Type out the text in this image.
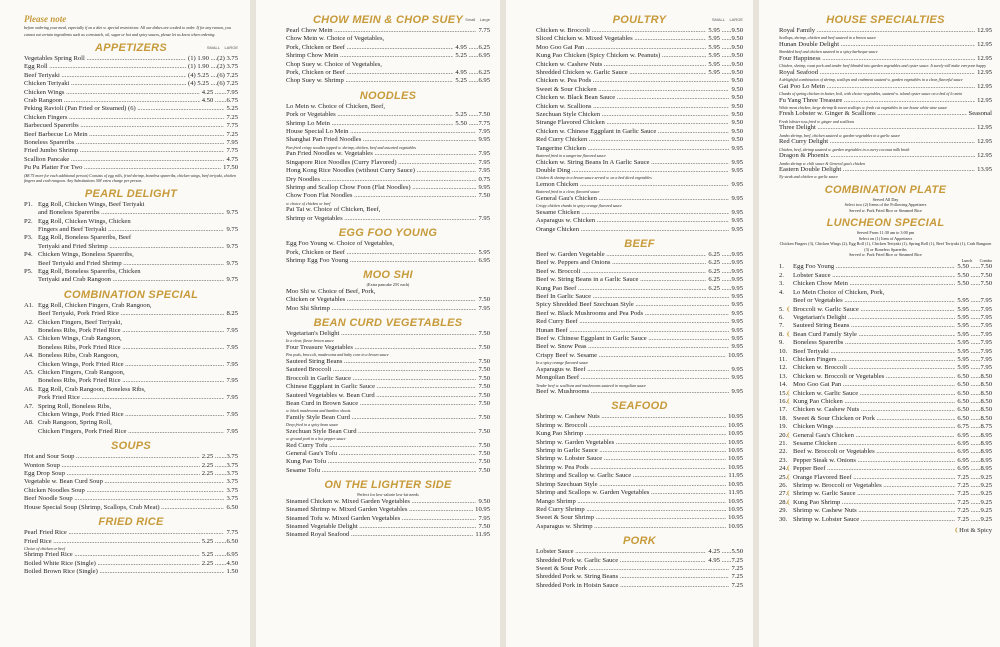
Please note
before ordering your meal, especially if on a diet w. special restrictions: All our dishes are cooked to order. If for any reason, you cannot eat certain ingredients such as cornstarch, oil, sugar or hot and spicy sauces, please let us know when ordering.
APPETIZERS	SMALL LARGE
Vegetables Spring Roll .....	(1) 1.90 ....(2) 3.75
Egg Roll .....	(1) 1.90 ....(2) 3.75
Beef Teriyaki .....	(4) 5.25 ....(6) 7.25
Chicken Teriyaki .....	(4) 5.25 ....(6) 7.25
Chicken Wings .....	4.25 .......7.95
Crab Rangoon .....	4.50 .......6.75
Peking Ravioli (Pan Fried or Steamed) (6) .....	5.25
Chicken Fingers .....	7.25
Barbecued Spareribs .....	7.75
Beef Barbecue Lo Mein .....	7.25
Boneless Spareribs .....	7.95
Fried Jumbo Shrimp .....	7.75
Scallion Pancake .....	4.75
Pu Pu Platter For Two .....	17.50
($8.75 more for each additional person) Consists of egg rolls, fried shrimp, boneless spareribs, chicken wings, beef teriyaki, chicken fingers and crab rangoon. Any Substitutions 50¢ extra charge per person.
PEARL DELIGHT
P1. Egg Roll, Chicken Wings, Beef Teriyaki
and Boneless Spareribs .....	9.75
P2. Egg Roll, Chicken Wings, Chicken
Fingers and Beef Teriyaki .....	9.75
P3. Egg Roll, Boneless Spareribs, Beef
Teriyaki and Fried Shrimp .....	9.75
P4. Chicken Wings, Boneless Spareribs,
Beef Teriyaki and Fried Shrimp .....	9.75
P5. Egg Roll, Boneless Spareribs, Chicken
Teriyaki and Crab Rangoon .....	9.75
COMBINATION SPECIAL
A1. Egg Roll, Chicken Fingers, Crab Rangoon,
Beef Teriyaki, Pork Fried Rice .....	8.25
A2. Chicken Fingers, Beef Teriyaki,
Boneless Ribs, Pork Fried Rice .....	7.95
A3. Chicken Wings, Crab Rangoon,
Boneless Ribs, Pork Fried Rice .....	7.95
A4. Boneless Ribs, Crab Rangoon,
Chicken Wings, Pork Fried Rice .....	7.95
A5. Chicken Fingers, Crab Rangoon,
Boneless Ribs, Pork Fried Rice .....	7.95
A6. Egg Roll, Crab Rangoon, Boneless Ribs,
Pork Fried Rice .....	7.95
A7. Spring Roll, Boneless Ribs,
Chicken Wings, Pork Fried Rice .....	7.95
A8. Crab Rangoon, Spring Roll,
Chicken Fingers, Pork Fried Rice .....	7.95
SOUPS
Hot and Sour Soup .....	2.25 .......3.75
Wonton Soup .....	2.25 .......3.75
Egg Drop Soup .....	2.25 .......3.75
Vegetable w. Bean Curd Soup .....	3.75
Chicken Noodles Soup .....	3.75
Beef Noodle Soup .....	3.75
House Special Soup (Shrimp, Scallops, Crab Meat) .....	6.50
FRIED RICE
Pearl Fried Rice .....	7.75
Fried Rice .....	5.25 .......6.50
Choice of chicken or beef
Shrimp Fried Rice .....	5.25 .......6.95
Boiled White Rice (Single) .....	2.25 .......4.50
Boiled Brown Rice (Single) .....	1.50
CHOW MEIN & CHOP SUEY Small Large
Pearl Chow Mein .....	7.75
Chow Mein w. Choice of Vegetables,
Pork, Chicken or Beef .....	4.95 ......6.25
Shrimp Chow Mein .....	5.25 ......6.95
Chop Suey w. Choice of Vegetables,
Pork, Chicken or Beef .....	4.95 ......6.25
Chop Suey w. Shrimp .....	5.25 ......6.95
NOODLES
Lo Mein w. Choice of Chicken, Beef,
Pork or Vegetables .....	5.25 ......7.50
Shrimp Lo Mein .....	5.50 ......7.75
House Special Lo Mein .....	7.95
Shanghai Pan Fried Noodles .....	9.95
Pan fried crispy noodles topped w. shrimp, chicken, beef and assorted vegetables
Pan Fried Noodles w. Vegetables .....	7.95
Singapore Rice Noodles (Curry Flavored) .....	7.95
Hong Kong Rice Noodles (without Curry Sauce) .....	7.95
Dry Noodles .....	0.75
Shrimp and Scallop Chow Foon (Flat Noodles) .....	9.95
Chow Foon Flat Noodles .....	7.50
w. choice of chicken or beef
Pai Tai w. Choice of Chicken, Beef,
Shrimp or Vegetables .....	7.95
EGG FOO YOUNG
Egg Foo Young w. Choice of Vegetables,
Pork, Chicken or Beef .....	5.95
Shrimp Egg Foo Young .....	6.95
MOO SHI
(Extra pancake 25¢ each)
Moo Shi w. Choice of Beef, Pork,
Chicken or Vegetables .....	7.50
Moo Shi Shrimp .....	7.95
BEAN CURD VEGETABLES
Vegetarian's Delight .....	7.50
In a clear, flavor brown sauce
Four Treasure Vegetables .....	7.50
Pea pods, broccoli, mushrooms and baby corn in a brown sauce
Sauteed String Beans .....	7.50
Sauteed Broccoli .....	7.50
Broccoli in Garlic Sauce .....	7.50
Chinese Eggplant in Garlic Sauce .....	7.50
Sauteed Vegetables w. Bean Curd .....	7.50
Bean Curd in Brown Sauce .....	7.50
w. black mushrooms and bamboo shoots
Family Style Bean Curd .....	7.50
Deep fried in a spicy bean sauce
Szechuan Style Bean Curd .....	7.50
w. ground pork in a hot pepper sauce
Red Curry Tofu .....	7.50
General Gau's Tofu .....	7.50
Kung Pao Tofu .....	7.50
Sesame Tofu .....	7.50
ON THE LIGHTER SIDE
Perfect for low-calorie low-fat needs
Steamed Chicken w. Mixed Garden Vegetables .....	9.50
Steamed Shrimp w. Mixed Garden Vegetables .....	10.95
Steamed Tofu w. Mixed Garden Vegetables .....	7.95
Steamed Vegetable Delight .....	7.50
Steamed Royal Seafood .....	11.95
POULTRY	SMALL LARGE
Chicken w. Broccoli .....	5.95 ......9.50
Sliced Chicken w. Mixed Vegetables .....	5.95 ......9.50
Moo Goo Gai Pan .....	5.95 ......9.50
Kung Pao Chicken (Spicy Chicken w. Peanuts) .....	5.95 ......9.50
Chicken w. Cashew Nuts .....	5.95 ......9.50
Shredded Chicken w. Garlic Sauce .....	5.95 ......9.50
Chicken w. Pea Pods .....	9.50
Sweet & Sour Chicken .....	9.50
Chicken w. Black Bean Sauce .....	9.50
Chicken w. Scallions .....	9.50
Szechuan Style Chicken .....	9.50
Strange Flavored Chicken .....	9.50
Chicken w. Chinese Eggplant in Garlic Sauce .....	9.50
Red Curry Chicken .....	9.50
Tangerine Chicken .....	9.95
Battered fried in a tangerine flavored sauce
Chicken w. String Beans In A Garlic Sauce .....	9.95
Double Ding .....	9.95
Chicken & shrimp in a brown sauce served w. on a bed diced vegetables
Lemon Chicken .....	9.95
Battered fried in a clear, flavored sauce
General Gau's Chicken .....	9.95
Crispy chicken chunks in spicy orange flavored sauce
Sesame Chicken .....	9.95
Asparagus w. Chicken .....	9.95
Orange Chicken .....	9.95
BEEF
Beef w. Garden Vegetable .....	6.25 ......9.95
Beef w. Peppers and Onions .....	6.25 ......9.95
Beef w. Broccoli .....	6.25 ......9.95
Beef w. String Beans in a Garlic Sauce .....	6.25 ......9.95
Kung Pao Beef .....	6.25 ......9.95
Beef In Garlic Sauce .....	9.95
Spicy Shredded Beef Szechuan Style .....	9.95
Beef w. Black Mushrooms and Pea Pods .....	9.95
Red Curry Beef .....	9.95
Hunan Beef .....	9.95
Beef w. Chinese Eggplant in Garlic Sauce .....	9.95
Beef w. Snow Peas .....	9.95
Crispy Beef w. Sesame .....	10.95
In a spicy orange flavored sauce
Asparagus w. Beef .....	9.95
Mongolian Beef .....	9.95
Tender beef w. scallions and mushrooms sauteed in mongolian sauce
Beef w. Mushrooms .....	9.95
SEAFOOD
Shrimp w. Cashew Nuts .....	10.95
Shrimp w. Broccoli .....	10.95
Kung Pao Shrimp .....	10.95
Shrimp w. Garden Vegetables .....	10.95
Shrimp in Garlic Sauce .....	10.95
Shrimp w. Lobster Sauce .....	10.95
Shrimp w. Pea Pods .....	10.95
Shrimp and Scallop w. Garlic Sauce .....	11.95
Shrimp Szechuan Style .....	10.95
Shrimp and Scallops w. Garden Vegetables .....	11.95
Mango Shrimp .....	10.95
Red Curry Shrimp .....	10.95
Sweet & Sour Shrimp .....	10.95
Asparagus w. Shrimp .....	10.95
PORK
Lobster Sauce .....	4.25 ......5.50
Shredded Pork w. Garlic Sauce .....	4.95 ......7.25
Sweet & Sour Pork .....	7.25
Shredded Pork w. String Beans .....	7.25
Shredded Pork in Hoisin Sauce .....	7.25
HOUSE SPECIALTIES
Royal Family .....	12.95
Scallops, shrimp, chicken and beef sauteed in a brown sauce
Hunan Double Delight .....	12.95
Shredded beef and chicken sauteed in a spicy barbeque sauce
Four Happiness .....	12.95
Chicken, shrimp, roast pork and tender beef blended into garden vegetables and oyster sauce. It surely will make everyone happy
Royal Seafood .....	12.95
A delightful combination of shrimp, scallops and crabmeat sauteed w. garden vegetables in a clear, flavorful sauce
Gai Poo Lo Mein .....	12.95
Chunks of spring chicken in batter, boil, with choice vegetables, sauteed w. island oyster sauce on a bed of lo mein
Fu Yang Three Treasure .....	12.95
White meat chicken, large shrimp & sweet scallops w. fresh cut vegetables in our house white wine sauce
Fresh Lobster w. Ginger & Scallions .....	Seasonal
Fresh lobster toss fried w. ginger and scallions
Three Delight .....	12.95
Jumbo shrimp, beef, chicken sauteed w. garden vegetables in a garlic sauce
Red Curry Delight .....	12.95
Chicken, beef, shrimp sauteed w. garden vegetables in a curry coconut milk broth
Dragon & Phoenix .....	12.95
Jumbo shrimp w. chili sauce & General gau's chicken
Eastern Double Delight .....	13.95
Ny steak and chicken w. garlic sauce
COMBINATION PLATE
Served All Day
Select two (2) Items of the Following Appetizers
Served w. Pork Fried Rice or Steamed Rice
LUNCHEON SPECIAL
Served From 11:30 am to 3:00 pm
Select on (1) Item of Appetizers
Chicken Fingers (3), Chicken Wings (2), Egg Roll (1), Chicken Teriyaki (1), Spring Roll (1), Beef Teriyaki (1), Crab Rangoon (3) or Boneless Spareribs
Served w. Pork Fried Rice or Steamed Rice
Lunch Combo
1. Egg Foo Young .....	5.50 ......7.50
2. Lobster Sauce .....	5.50 ......7.50
3. Chicken Chow Mein .....	5.50 ......7.50
4. Lo Mein Choice of Chicken, Pork,
Beef or Vegetables .....	5.95 ......7.95
5. ❨ Broccoli w. Garlic Sauce .....	5.95 ......7.95
6. Vegetarian's Delight .....	5.95 ......7.95
7. Sauteed String Beans .....	5.95 ......7.95
8. ❨ Bean Curd Family Style .....	5.95 ......7.95
9. Boneless Spareribs .....	5.95 ......7.95
10. Beef Teriyaki .....	5.95 ......7.95
11. Chicken Fingers .....	5.95 ......7.95
12. Chicken w. Broccoli .....	5.95 ......7.95
13. Chicken w. Broccoli or Vegetables .....	6.50 ......8.50
14. Moo Goo Gai Pan .....	6.50 ......8.50
15.❨ Chicken w. Garlic Sauce .....	6.50 ......8.50
16.❨ Kung Pao Chicken .....	6.50 ......8.50
17. Chicken w. Cashew Nuts .....	6.50 ......8.50
18. Sweet & Sour Chicken or Pork .....	6.50 ......8.50
19. Chicken Wings .....	6.75 ......8.75
20.❨ General Gau's Chicken .....	6.95 ......8.95
21. Sesame Chicken .....	6.95 ......8.95
22. Beef w. Broccoli or Vegetables .....	6.95 ......8.95
23. Pepper Steak w. Onions .....	6.95 ......8.95
24.❨ Pepper Beef .....	6.95 ......8.95
25.❨ Orange Flavored Beef .....	7.25 ......9.25
26. Shrimp w. Broccoli or Vegetables .....	7.25 ......9.25
27.❨ Shrimp w. Garlic Sauce .....	7.25 ......9.25
28.❨ Kung Pao Shrimp .....	7.25 ......9.25
29. Shrimp w. Cashew Nuts .....	7.25 ......9.25
30. Shrimp w. Lobster Sauce .....	7.25 ......9.25
❨Hot & Spicy
